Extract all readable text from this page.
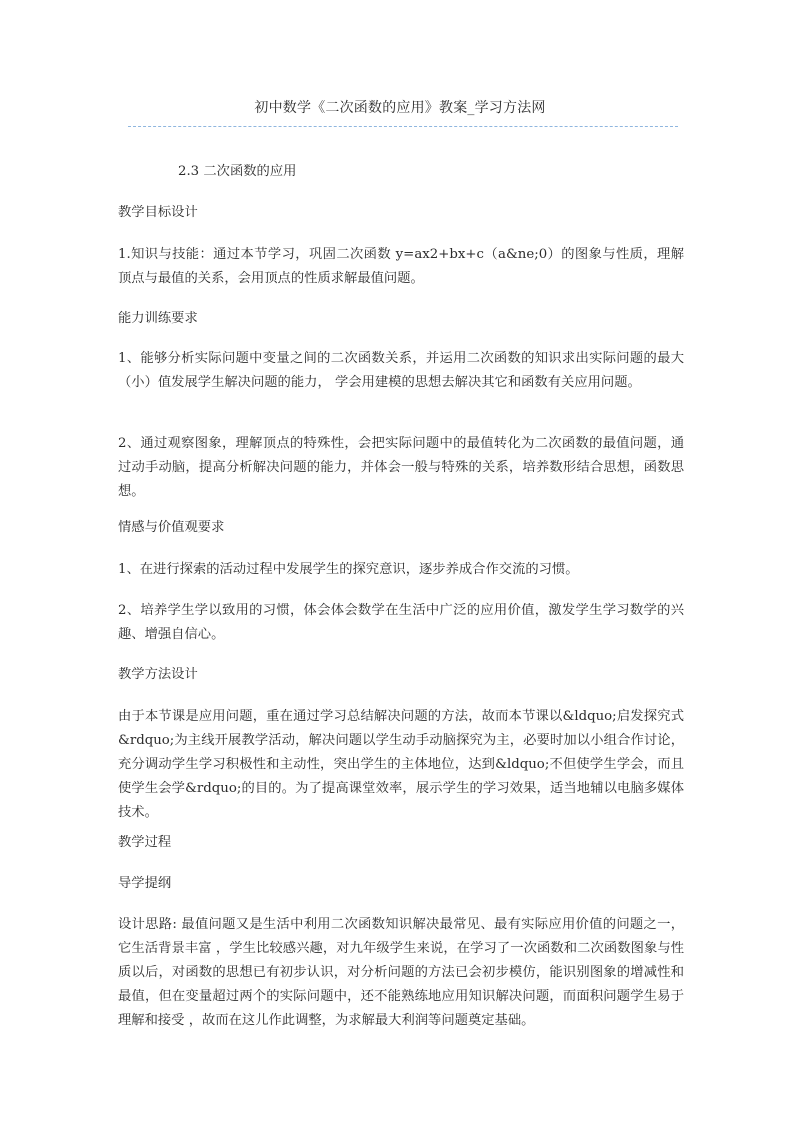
初中数学《二次函数的应用》教案_学习方法网
2.3 二次函数的应用

教学目标设计

1.知识与技能：通过本节学习，巩固二次函数 y=ax2+bx+c（a&ne;0）的图象与性质，理解顶点与最值的关系，会用顶点的性质求解最值问题。

能力训练要求

1、能够分析实际问题中变量之间的二次函数关系，并运用二次函数的知识求出实际问题的最大（小）值发展学生解决问题的能力， 学会用建模的思想去解决其它和函数有关应用问题。

2、通过观察图象，理解顶点的特殊性，会把实际问题中的最值转化为二次函数的最值问题，通过动手动脑，提高分析解决问题的能力，并体会一般与特殊的关系，培养数形结合思想，函数思想。

情感与价值观要求

1、在进行探索的活动过程中发展学生的探究意识，逐步养成合作交流的习惯。

2、培养学生学以致用的习惯，体会体会数学在生活中广泛的应用价值，激发学生学习数学的兴趣、增强自信心。

教学方法设计

由于本节课是应用问题，重在通过学习总结解决问题的方法，故而本节课以&ldquo;启发探究式&rdquo;为主线开展教学活动，解决问题以学生动手动脑探究为主，必要时加以小组合作讨论，充分调动学生学习积极性和主动性，突出学生的主体地位，达到&ldquo;不但使学生学会，而且使学生会学&rdquo;的目的。为了提高课堂效率，展示学生的学习效果，适当地辅以电脑多媒体技术。

教学过程

导学提纲

设计思路: 最值问题又是生活中利用二次函数知识解决最常见、最有实际应用价值的问题之一，它生活背景丰富 ，学生比较感兴趣，对九年级学生来说，在学习了一次函数和二次函数图象与性质以后，对函数的思想已有初步认识，对分析问题的方法已会初步模仿，能识别图象的增减性和最值，但在变量超过两个的实际问题中，还不能熟练地应用知识解决问题，而面积问题学生易于理解和接受 ，故而在这儿作此调整，为求解最大利润等问题奠定基础。
